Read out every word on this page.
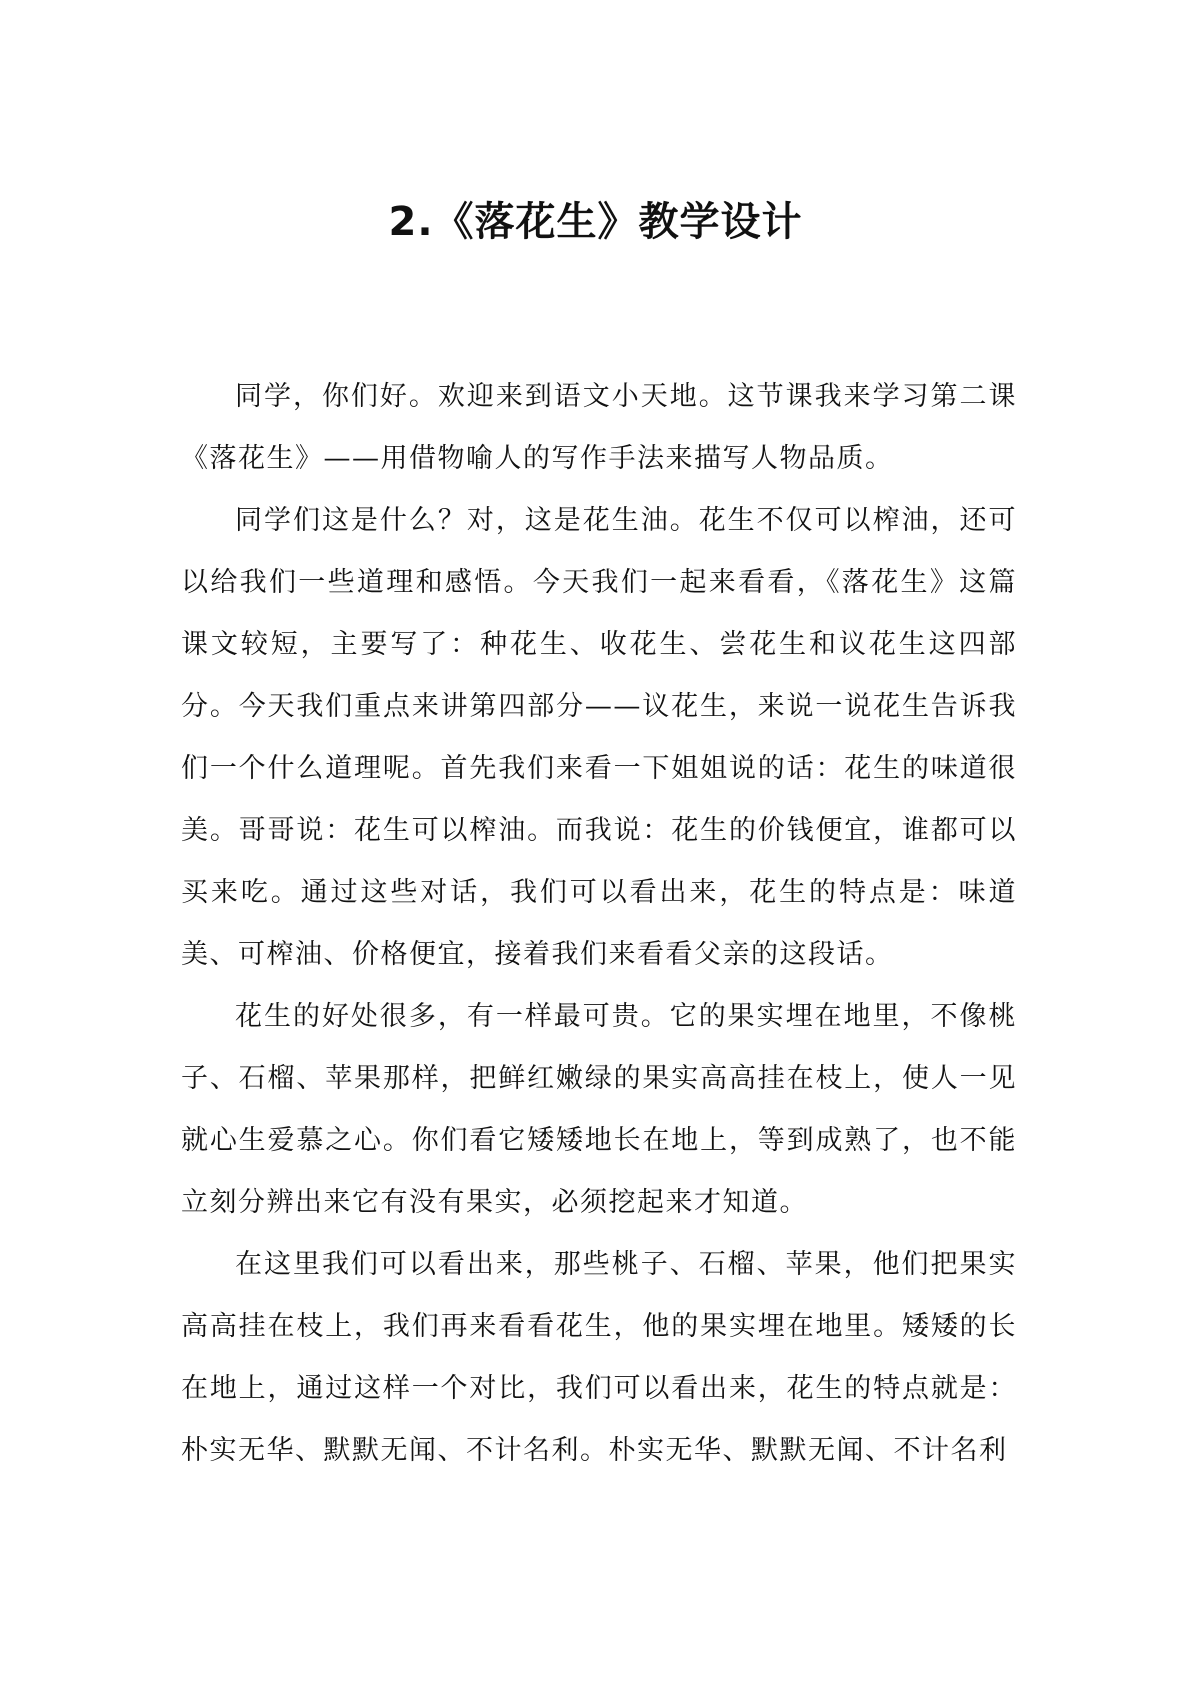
2.《落花生》教学设计

同学，你们好。欢迎来到语文小天地。这节课我来学习第二课《落花生》——用借物喻人的写作手法来描写人物品质。

同学们这是什么？对，这是花生油。花生不仅可以榨油，还可以给我们一些道理和感悟。今天我们一起来看看，《落花生》这篇课文较短，主要写了：种花生、收花生、尝花生和议花生这四部分。今天我们重点来讲第四部分——议花生，来说一说花生告诉我们一个什么道理呢。首先我们来看一下姐姐说的话：花生的味道很美。哥哥说：花生可以榨油。而我说：花生的价钱便宜，谁都可以买来吃。通过这些对话，我们可以看出来，花生的特点是：味道美、可榨油、价格便宜，接着我们来看看父亲的这段话。

花生的好处很多，有一样最可贵。它的果实埋在地里，不像桃子、石榴、苹果那样，把鲜红嫩绿的果实高高挂在枝上，使人一见就心生爱慕之心。你们看它矮矮地长在地上，等到成熟了，也不能立刻分辨出来它有没有果实，必须挖起来才知道。

在这里我们可以看出来，那些桃子、石榴、苹果，他们把果实高高挂在枝上，我们再来看看花生，他的果实埋在地里。矮矮的长在地上，通过这样一个对比，我们可以看出来，花生的特点就是：朴实无华、默默无闻、不计名利。朴实无华、默默无闻、不计名利
